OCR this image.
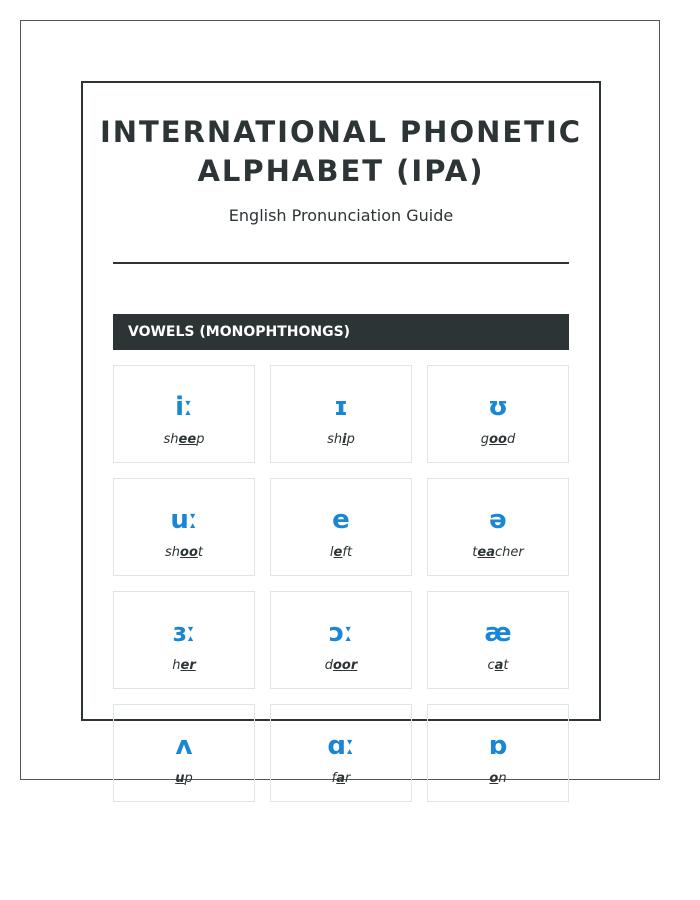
INTERNATIONAL PHONETIC ALPHABET (IPA)
English Pronunciation Guide
VOWELS (MONOPHTHONGS)
iː
sheep
ɪ
ship
ʊ
good
uː
shoot
e
left
ə
teacher
ɜː
her
ɔː
door
æ
cat
ʌ
up
ɑː
far
ɒ
on
